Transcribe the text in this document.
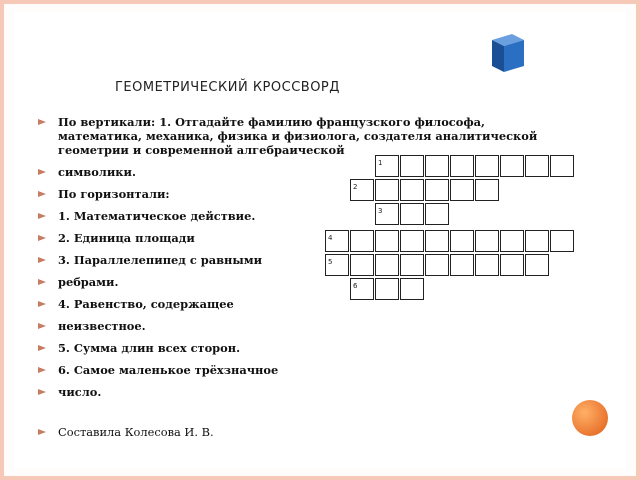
ГЕОМЕТРИЧЕСКИЙ КРОССВОРД
По вертикали: 1. Отгадайте фамилию французского философа, математика, механика, физика и физиолога, создателя аналитической геометрии и современной алгебраической
символики.
По горизонтали:
1. Математическое действие.
2. Единица площади
3. Параллелепипед с равными
ребрами.
4. Равенство, содержащее
неизвестное.
5. Сумма длин всех сторон.
6. Самое маленькое трёхзначное
число.
Составила Колесова И. В.
1
2
3
4
5
6
